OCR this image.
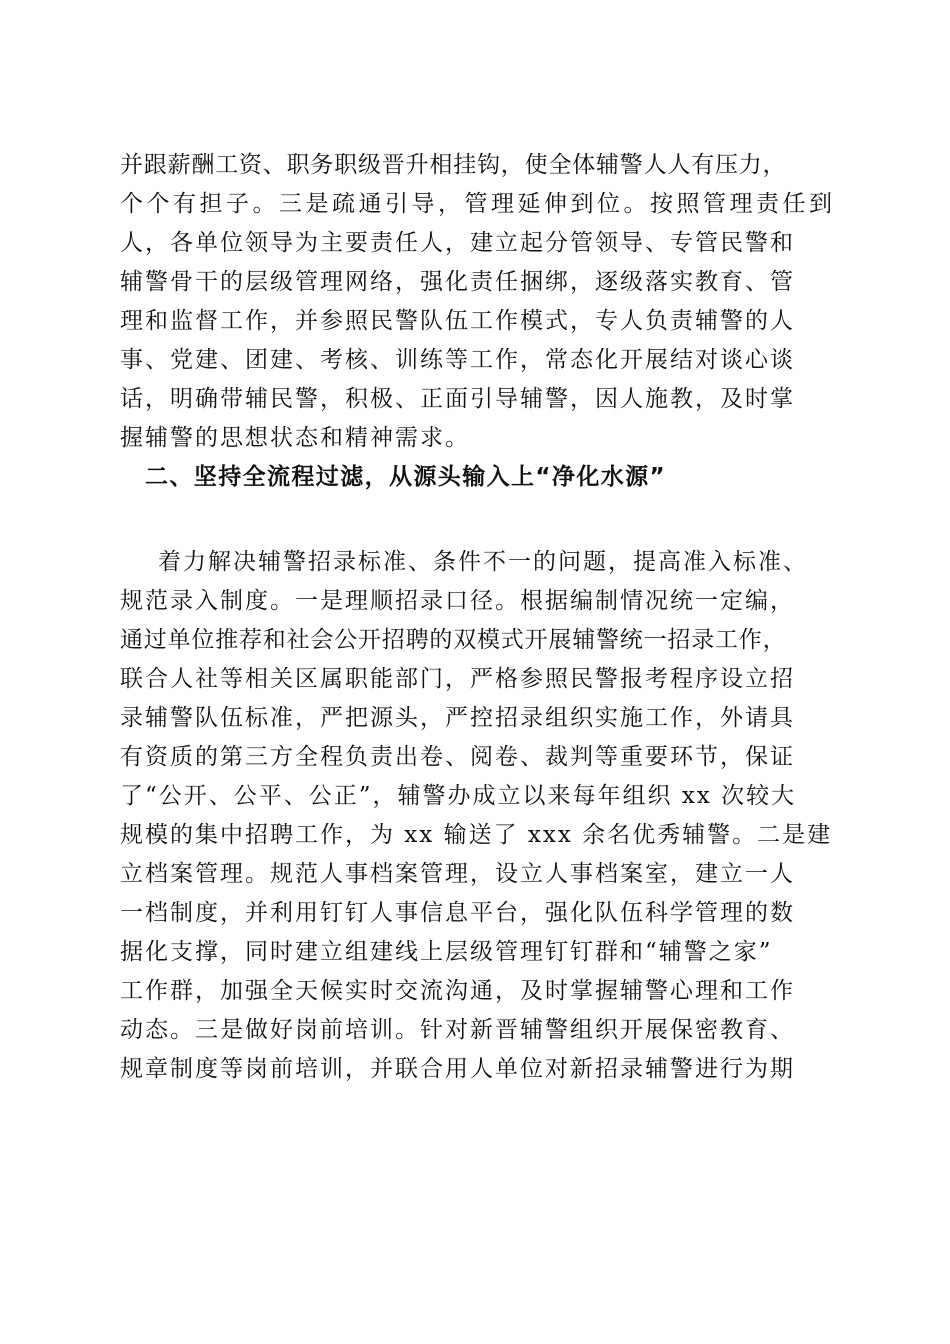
并跟薪酬工资、职务职级晋升相挂钩，使全体辅警人人有压力，
个个有担子。三是疏通引导，管理延伸到位。按照管理责任到
人，各单位领导为主要责任人，建立起分管领导、专管民警和
辅警骨干的层级管理网络，强化责任捆绑，逐级落实教育、管
理和监督工作，并参照民警队伍工作模式，专人负责辅警的人
事、党建、团建、考核、训练等工作，常态化开展结对谈心谈
话，明确带辅民警，积极、正面引导辅警，因人施教，及时掌
握辅警的思想状态和精神需求。
二、坚持全流程过滤，从源头输入上“净化水源”
着力解决辅警招录标准、条件不一的问题，提高准入标准、
规范录入制度。一是理顺招录口径。根据编制情况统一定编，
通过单位推荐和社会公开招聘的双模式开展辅警统一招录工作，
联合人社等相关区属职能部门，严格参照民警报考程序设立招
录辅警队伍标准，严把源头，严控招录组织实施工作，外请具
有资质的第三方全程负责出卷、阅卷、裁判等重要环节，保证
了“公开、公平、公正”，辅警办成立以来每年组织 xx 次较大
规模的集中招聘工作，为 xx 输送了 xxx 余名优秀辅警。二是建
立档案管理。规范人事档案管理，设立人事档案室，建立一人
一档制度，并利用钉钉人事信息平台，强化队伍科学管理的数
据化支撑，同时建立组建线上层级管理钉钉群和“辅警之家”
工作群，加强全天候实时交流沟通，及时掌握辅警心理和工作
动态。三是做好岗前培训。针对新晋辅警组织开展保密教育、
规章制度等岗前培训，并联合用人单位对新招录辅警进行为期
